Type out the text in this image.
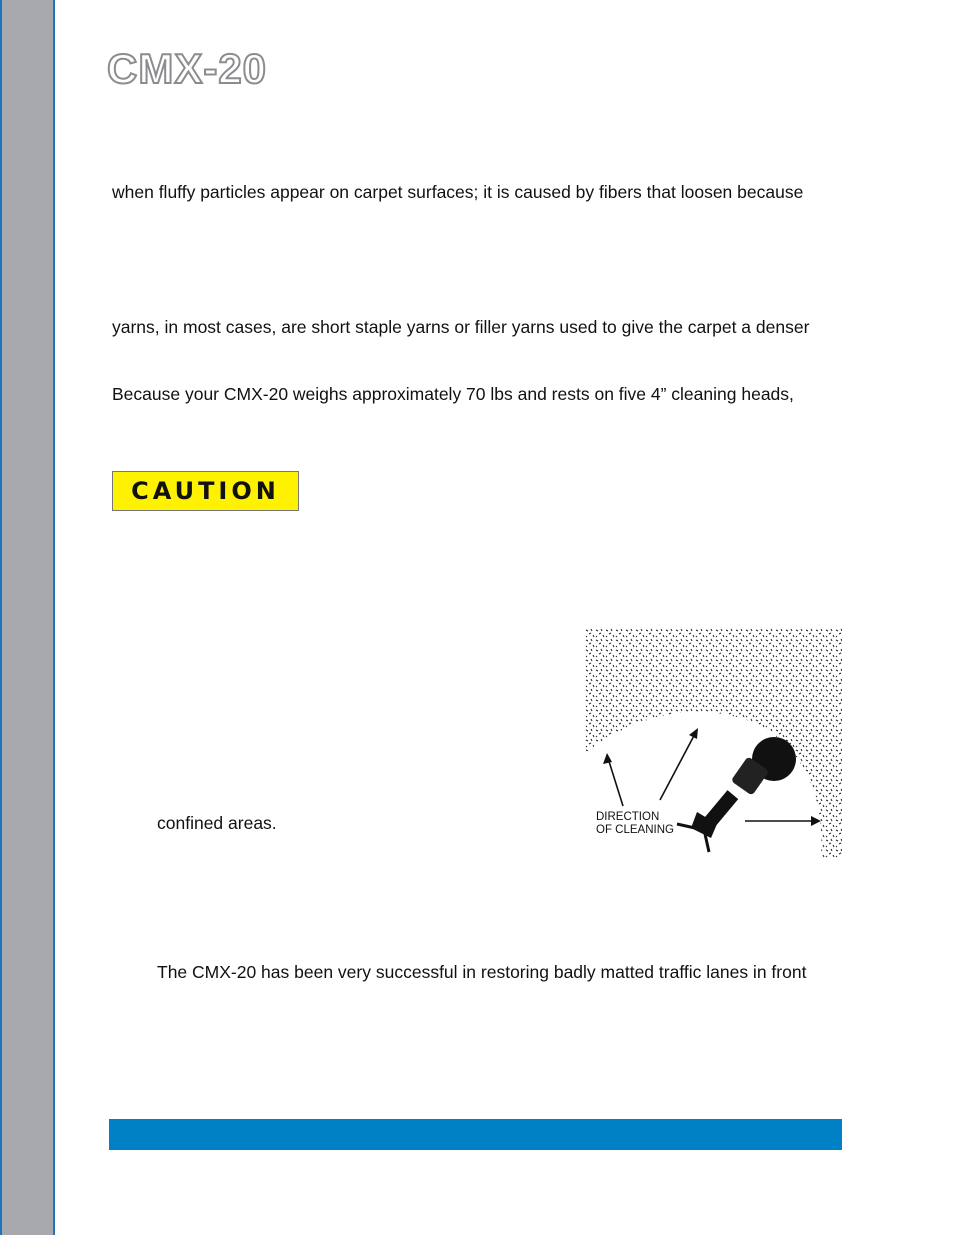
CMX-20
when fluffy particles appear on carpet surfaces; it is caused by fibers that loosen because
yarns, in most cases, are short staple yarns or filler yarns used to give the carpet a denser
Because your CMX-20 weighs approximately 70 lbs and rests on five 4” cleaning heads,
CAUTION
confined areas.	DIRECTION
OF CLEANING
The CMX-20 has been very successful in restoring badly matted traffic lanes in front
